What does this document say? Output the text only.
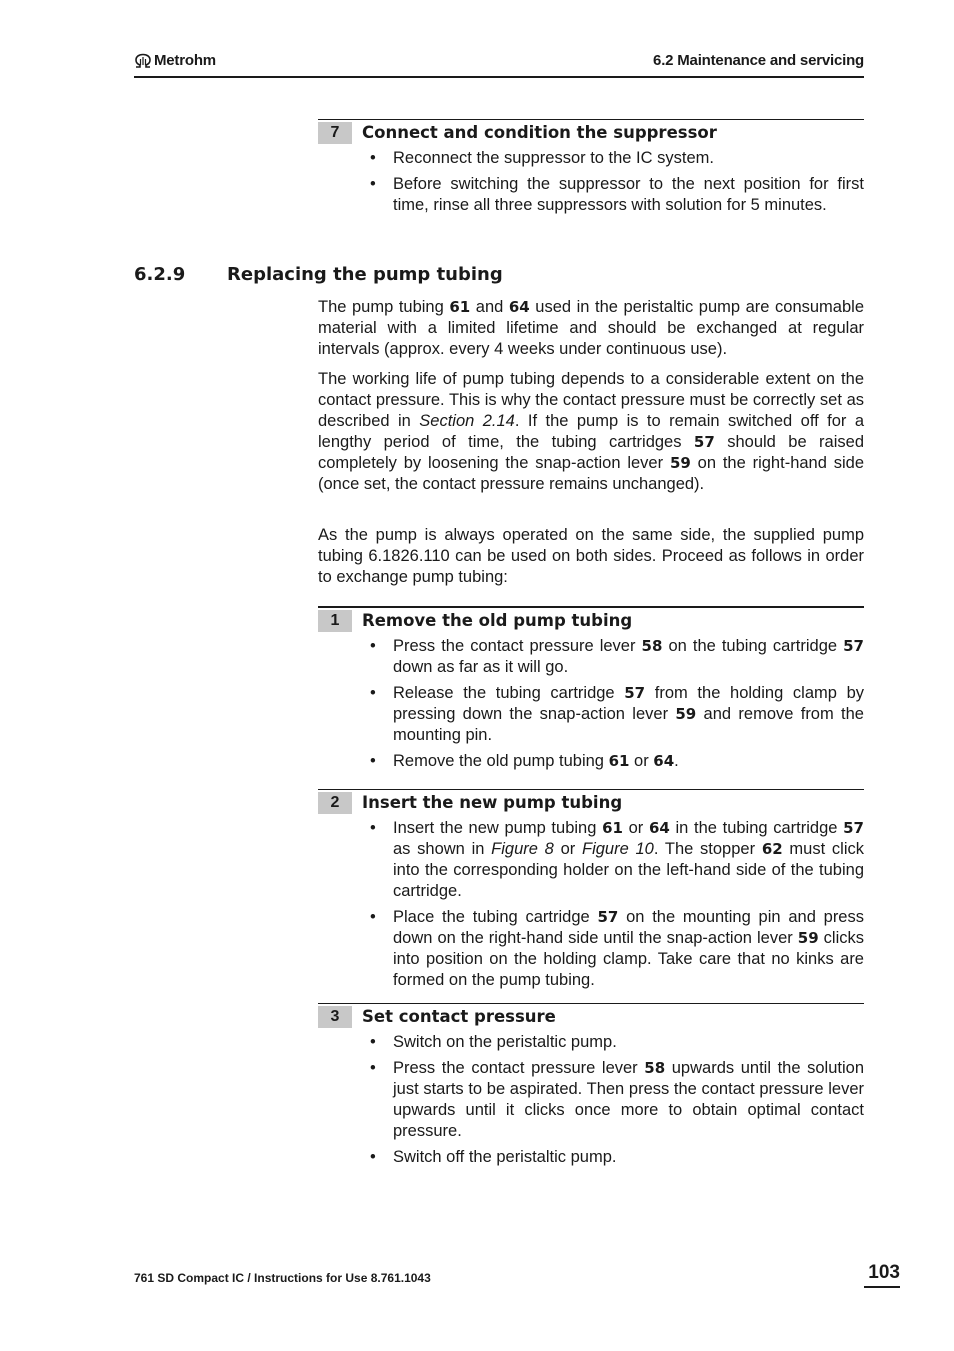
Metrohm	6.2 Maintenance and servicing
7	Connect and condition the suppressor
• Reconnect the suppressor to the IC system.
• Before switching the suppressor to the next position for first time, rinse all three suppressors with solution for 5 minutes.
6.2.9 Replacing the pump tubing

The pump tubing 61 and 64 used in the peristaltic pump are consumable material with a limited lifetime and should be exchanged at regular intervals (approx. every 4 weeks under continuous use).

The working life of pump tubing depends to a considerable extent on the contact pressure. This is why the contact pressure must be correctly set as described in Section 2.14. If the pump is to remain switched off for a lengthy period of time, the tubing cartridges 57 should be raised completely by loosening the snap-action lever 59 on the right-hand side (once set, the contact pressure remains unchanged).

As the pump is always operated on the same side, the supplied pump tubing 6.1826.110 can be used on both sides. Proceed as follows in order to exchange pump tubing:

1	Remove the old pump tubing
• Press the contact pressure lever 58 on the tubing cartridge 57 down as far as it will go.
• Release the tubing cartridge 57 from the holding clamp by pressing down the snap-action lever 59 and remove from the mounting pin.
• Remove the old pump tubing 61 or 64.
2	Insert the new pump tubing
• Insert the new pump tubing 61 or 64 in the tubing cartridge 57 as shown in Figure 8 or Figure 10. The stopper 62 must click into the corresponding holder on the left-hand side of the tubing cartridge.
• Place the tubing cartridge 57 on the mounting pin and press down on the right-hand side until the snap-action lever 59 clicks into position on the holding clamp. Take care that no kinks are formed on the pump tubing.
3	Set contact pressure
• Switch on the peristaltic pump.
• Press the contact pressure lever 58 upwards until the solution just starts to be aspirated. Then press the contact pressure lever upwards until it clicks once more to obtain optimal contact pressure.
• Switch off the peristaltic pump.
761 SD Compact IC / Instructions for Use 8.761.1043	103
